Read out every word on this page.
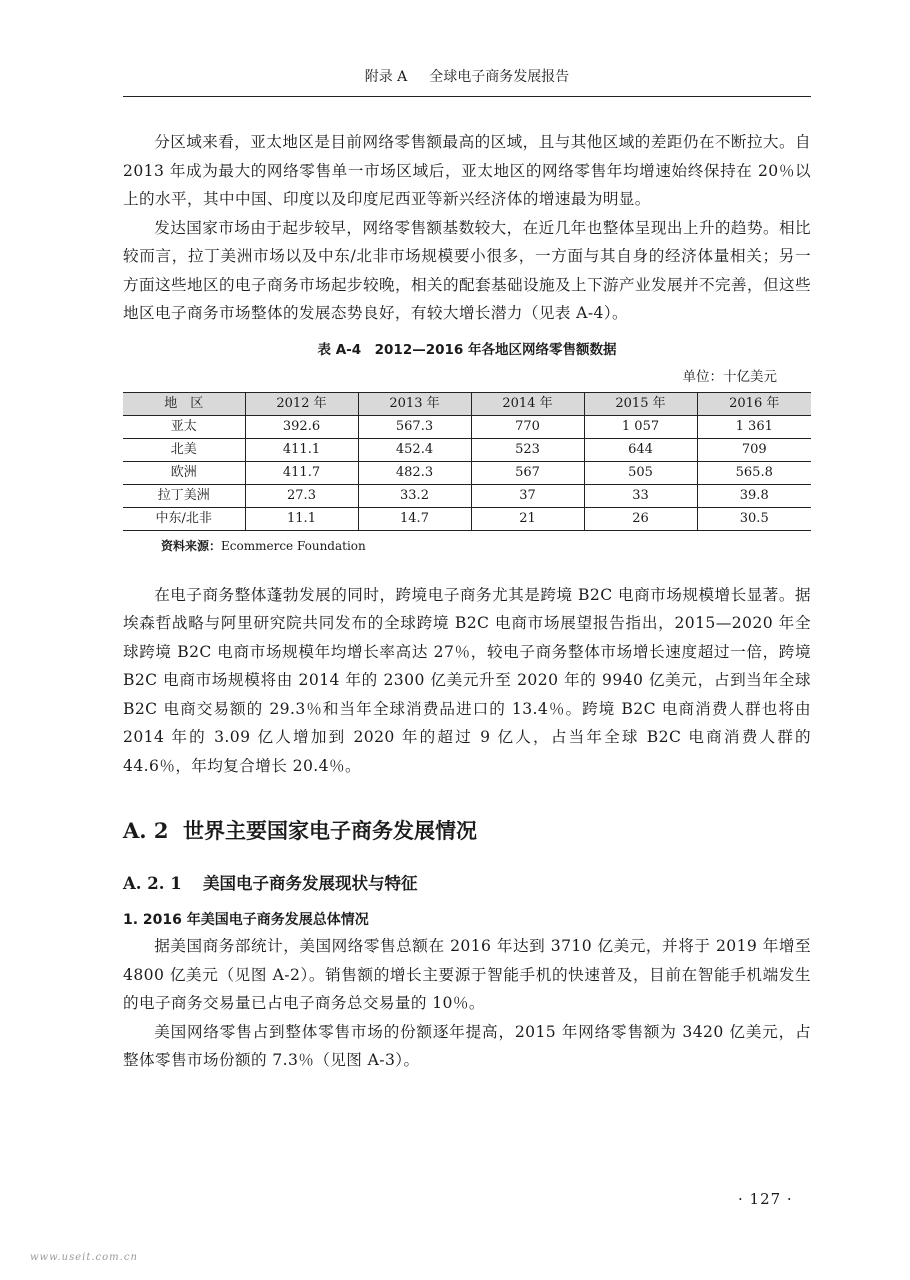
附录 A 全球电子商务发展报告

分区域来看，亚太地区是目前网络零售额最高的区域，且与其他区域的差距仍在不断拉大。自 2013 年成为最大的网络零售单一市场区域后，亚太地区的网络零售年均增速始终保持在 20％以上的水平，其中中国、印度以及印度尼西亚等新兴经济体的增速最为明显。

发达国家市场由于起步较早，网络零售额基数较大，在近几年也整体呈现出上升的趋势。相比较而言，拉丁美洲市场以及中东/北非市场规模要小很多，一方面与其自身的经济体量相关；另一方面这些地区的电子商务市场起步较晚，相关的配套基础设施及上下游产业发展并不完善，但这些地区电子商务市场整体的发展态势良好，有较大增长潜力（见表 A-4）。

表 A-4　2012—2016 年各地区网络零售额数据
单位：十亿美元
地　区	2012 年	2013 年	2014 年	2015 年	2016 年
亚太	392.6	567.3	770	1 057	1 361
北美	411.1	452.4	523	644	709
欧洲	411.7	482.3	567	505	565.8
拉丁美洲	27.3	33.2	37	33	39.8
中东/北非	11.1	14.7	21	26	30.5
资料来源：Ecommerce Foundation

在电子商务整体蓬勃发展的同时，跨境电子商务尤其是跨境 B2C 电商市场规模增长显著。据埃森哲战略与阿里研究院共同发布的全球跨境 B2C 电商市场展望报告指出，2015—2020 年全球跨境 B2C 电商市场规模年均增长率高达 27％，较电子商务整体市场增长速度超过一倍，跨境 B2C 电商市场规模将由 2014 年的 2300 亿美元升至 2020 年的 9940 亿美元，占到当年全球 B2C 电商交易额的 29.3％和当年全球消费品进口的 13.4％。跨境 B2C 电商消费人群也将由 2014 年的 3.09 亿人增加到 2020 年的超过 9 亿人，占当年全球 B2C 电商消费人群的 44.6％，年均复合增长 20.4％。

A. 2 世界主要国家电子商务发展情况
A. 2. 1 美国电子商务发展现状与特征
1. 2016 年美国电子商务发展总体情况

据美国商务部统计，美国网络零售总额在 2016 年达到 3710 亿美元，并将于 2019 年增至 4800 亿美元（见图 A-2）。销售额的增长主要源于智能手机的快速普及，目前在智能手机端发生的电子商务交易量已占电子商务总交易量的 10％。

美国网络零售占到整体零售市场的份额逐年提高，2015 年网络零售额为 3420 亿美元，占整体零售市场份额的 7.3％（见图 A-3）。

· 127 ·
www.useit.com.cn
